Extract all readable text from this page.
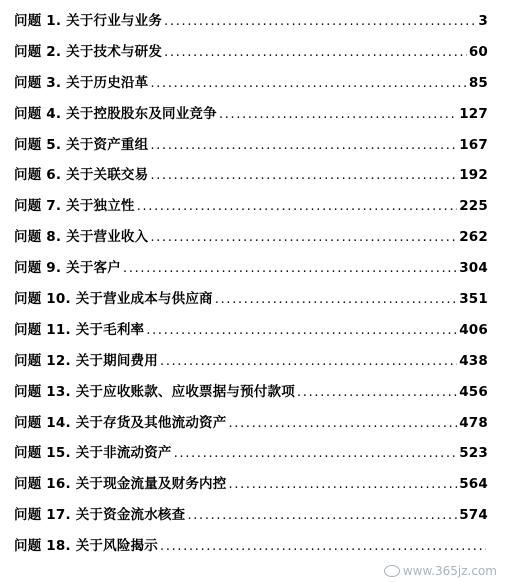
问题 1. 关于行业与业务 .....	3
问题 2. 关于技术与研发 .....	60
问题 3. 关于历史沿革 .....	85
问题 4. 关于控股股东及同业竞争 .....	127
问题 5. 关于资产重组 .....	167
问题 6. 关于关联交易 .....	192
问题 7. 关于独立性 .....	225
问题 8. 关于营业收入 .....	262
问题 9. 关于客户 .....	304
问题 10. 关于营业成本与供应商 .....	351
问题 11. 关于毛利率 .....	406
问题 12. 关于期间费用 .....	438
问题 13. 关于应收账款、应收票据与预付款项 .....	456
问题 14. 关于存货及其他流动资产 .....	478
问题 15. 关于非流动资产 .....	523
问题 16. 关于现金流量及财务内控 .....	564
问题 17. 关于资金流水核查 .....	574
问题 18. 关于风险揭示
.....
www.365jz.com
